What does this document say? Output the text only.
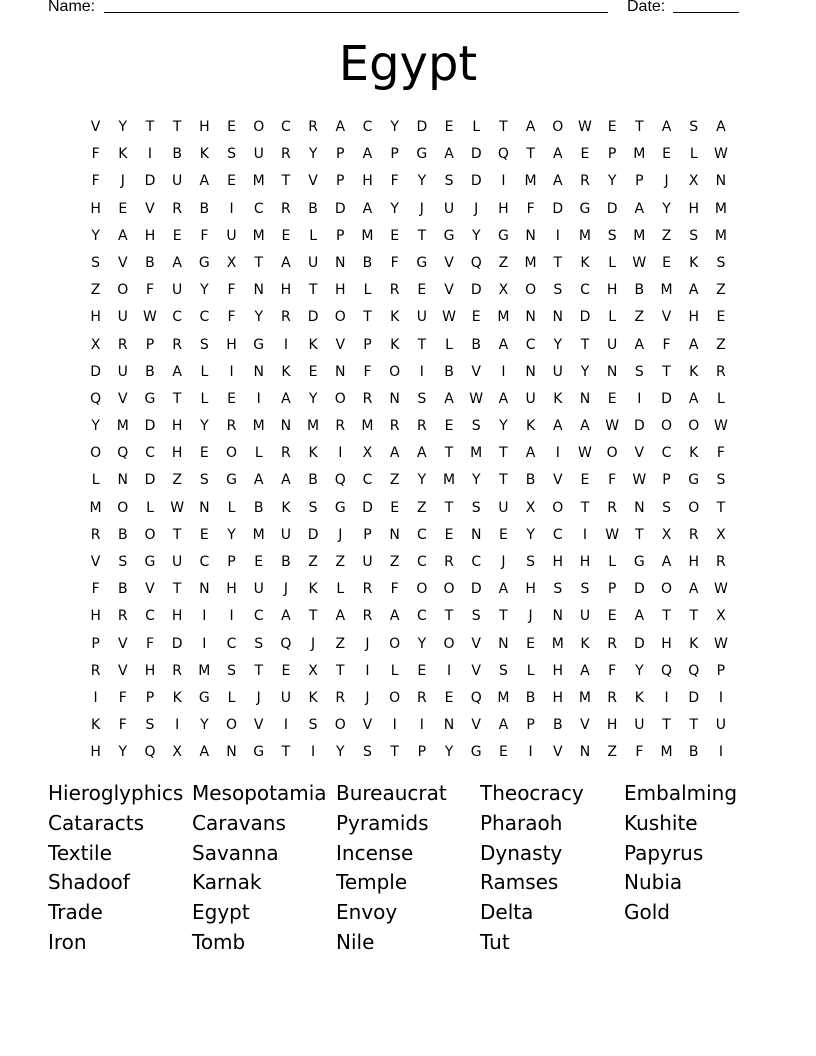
Name:	Date:
Egypt
V	Y	T	T	H	E	O	C	R	A	C	Y	D	E	L	T	A	O	W	E	T	A	S	A
F	K	I	B	K	S	U	R	Y	P	A	P	G	A	D	Q	T	A	E	P	M	E	L	W
F	J	D	U	A	E	M	T	V	P	H	F	Y	S	D	I	M	A	R	Y	P	J	X	N
H	E	V	R	B	I	C	R	B	D	A	Y	J	U	J	H	F	D	G	D	A	Y	H	M
Y	A	H	E	F	U	M	E	L	P	M	E	T	G	Y	G	N	I	M	S	M	Z	S	M
S	V	B	A	G	X	T	A	U	N	B	F	G	V	Q	Z	M	T	K	L	W	E	K	S
Z	O	F	U	Y	F	N	H	T	H	L	R	E	V	D	X	O	S	C	H	B	M	A	Z
H	U	W	C	C	F	Y	R	D	O	T	K	U	W	E	M	N	N	D	L	Z	V	H	E
X	R	P	R	S	H	G	I	K	V	P	K	T	L	B	A	C	Y	T	U	A	F	A	Z
D	U	B	A	L	I	N	K	E	N	F	O	I	B	V	I	N	U	Y	N	S	T	K	R
Q	V	G	T	L	E	I	A	Y	O	R	N	S	A	W	A	U	K	N	E	I	D	A	L
Y	M	D	H	Y	R	M	N	M	R	M	R	R	E	S	Y	K	A	A	W	D	O	O	W
O	Q	C	H	E	O	L	R	K	I	X	A	A	T	M	T	A	I	W	O	V	C	K	F
L	N	D	Z	S	G	A	A	B	Q	C	Z	Y	M	Y	T	B	V	E	F	W	P	G	S
M	O	L	W	N	L	B	K	S	G	D	E	Z	T	S	U	X	O	T	R	N	S	O	T
R	B	O	T	E	Y	M	U	D	J	P	N	C	E	N	E	Y	C	I	W	T	X	R	X
V	S	G	U	C	P	E	B	Z	Z	U	Z	C	R	C	J	S	H	H	L	G	A	H	R
F	B	V	T	N	H	U	J	K	L	R	F	O	O	D	A	H	S	S	P	D	O	A	W
H	R	C	H	I	I	C	A	T	A	R	A	C	T	S	T	J	N	U	E	A	T	T	X
P	V	F	D	I	C	S	Q	J	Z	J	O	Y	O	V	N	E	M	K	R	D	H	K	W
R	V	H	R	M	S	T	E	X	T	I	L	E	I	V	S	L	H	A	F	Y	Q	Q	P
I	F	P	K	G	L	J	U	K	R	J	O	R	E	Q	M	B	H	M	R	K	I	D	I
K	F	S	I	Y	O	V	I	S	O	V	I	I	N	V	A	P	B	V	H	U	T	T	U
H	Y	Q	X	A	N	G	T	I	Y	S	T	P	Y	G	E	I	V	N	Z	F	M	B	I
Hieroglyphics Mesopotamia Bureaucrat	Theocracy	Embalming
Cataracts	Caravans	Pyramids	Pharaoh	Kushite
Textile	Savanna	Incense	Dynasty	Papyrus
Shadoof	Karnak	Temple	Ramses	Nubia
Trade	Egypt	Envoy	Delta	Gold
Iron	Tomb	Nile	Tut
